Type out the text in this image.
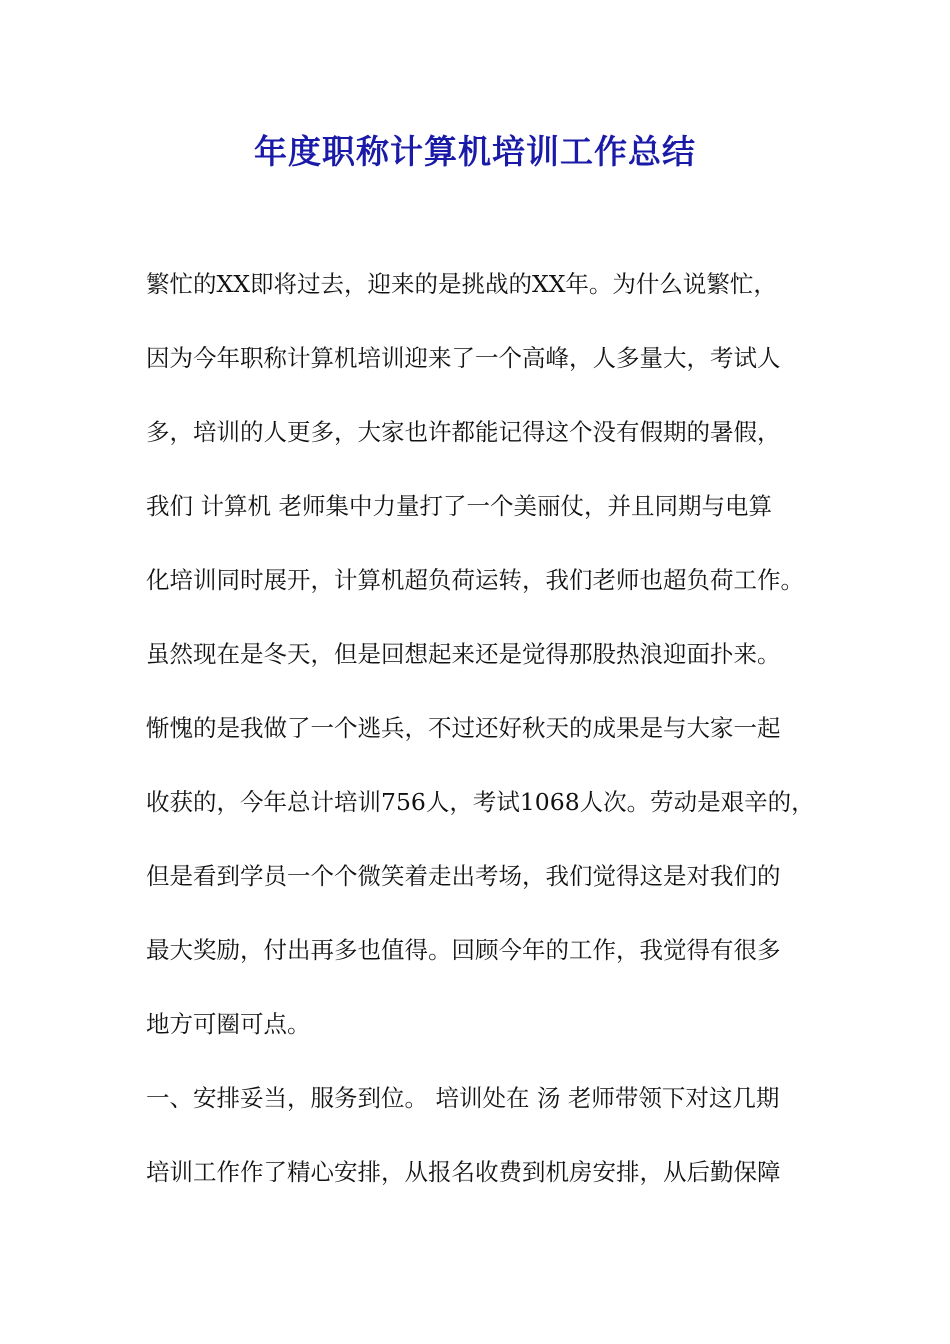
年度职称计算机培训工作总结
繁忙的XX即将过去，迎来的是挑战的XX年。为什么说繁忙，
因为今年职称计算机培训迎来了一个高峰，人多量大，考试人
多，培训的人更多，大家也许都能记得这个没有假期的暑假，
我们 计算机 老师集中力量打了一个美丽仗，并且同期与电算
化培训同时展开，计算机超负荷运转，我们老师也超负荷工作。
虽然现在是冬天，但是回想起来还是觉得那股热浪迎面扑来。
惭愧的是我做了一个逃兵，不过还好秋天的成果是与大家一起
收获的，今年总计培训756人，考试1068人次。劳动是艰辛的，
但是看到学员一个个微笑着走出考场，我们觉得这是对我们的
最大奖励，付出再多也值得。回顾今年的工作，我觉得有很多
地方可圈可点。
一、安排妥当，服务到位。 培训处在 汤 老师带领下对这几期
培训工作作了精心安排，从报名收费到机房安排，从后勤保障
